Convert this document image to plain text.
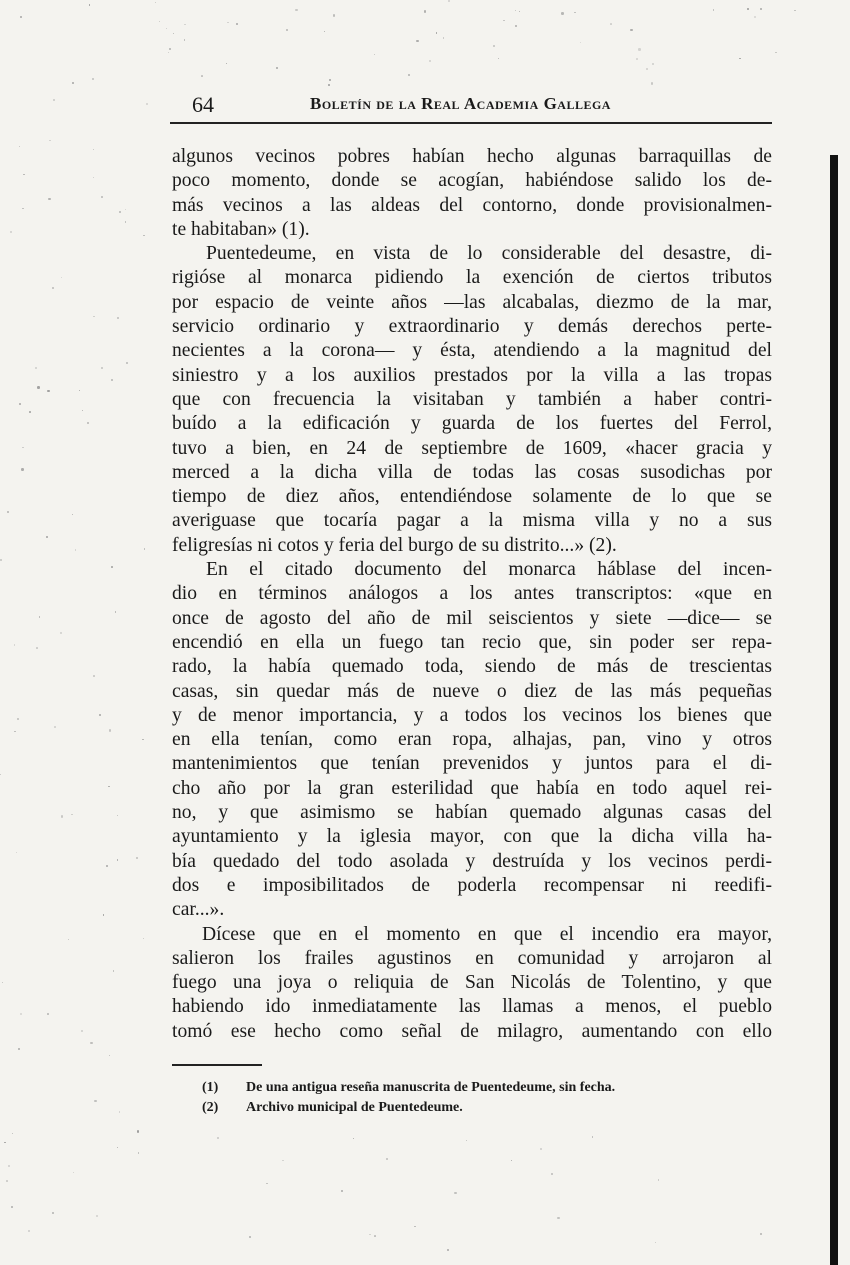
64	Boletín de la Real Academia Gallega
algunos vecinos pobres habían hecho algunas barraquillas de
poco momento, donde se acogían, habiéndose salido los de-
más vecinos a las aldeas del contorno, donde provisionalmen-
te habitaban» (1).
Puentedeume, en vista de lo considerable del desastre, di-
rigióse al monarca pidiendo la exención de ciertos tributos
por espacio de veinte años —las alcabalas, diezmo de la mar,
servicio ordinario y extraordinario y demás derechos perte-
necientes a la corona— y ésta, atendiendo a la magnitud del
siniestro y a los auxilios prestados por la villa a las tropas
que con frecuencia la visitaban y también a haber contri-
buído a la edificación y guarda de los fuertes del Ferrol,
tuvo a bien, en 24 de septiembre de 1609, «hacer gracia y
merced a la dicha villa de todas las cosas susodichas por
tiempo de diez años, entendiéndose solamente de lo que se
averiguase que tocaría pagar a la misma villa y no a sus
feligresías ni cotos y feria del burgo de su distrito...» (2).
En el citado documento del monarca háblase del incen-
dio en términos análogos a los antes transcriptos: «que en
once de agosto del año de mil seiscientos y siete —dice— se
encendió en ella un fuego tan recio que, sin poder ser repa-
rado, la había quemado toda, siendo de más de trescientas
casas, sin quedar más de nueve o diez de las más pequeñas
y de menor importancia, y a todos los vecinos los bienes que
en ella tenían, como eran ropa, alhajas, pan, vino y otros
mantenimientos que tenían prevenidos y juntos para el di-
cho año por la gran esterilidad que había en todo aquel rei-
no, y que asimismo se habían quemado algunas casas del
ayuntamiento y la iglesia mayor, con que la dicha villa ha-
bía quedado del todo asolada y destruída y los vecinos perdi-
dos e imposibilitados de poderla recompensar ni reedifi-
car...».
Dícese que en el momento en que el incendio era mayor,
salieron los frailes agustinos en comunidad y arrojaron al
fuego una joya o reliquia de San Nicolás de Tolentino, y que
habiendo ido inmediatamente las llamas a menos, el pueblo
tomó ese hecho como señal de milagro, aumentando con ello
(1) De una antigua reseña manuscrita de Puentedeume, sin fecha.
(2) Archivo municipal de Puentedeume.
